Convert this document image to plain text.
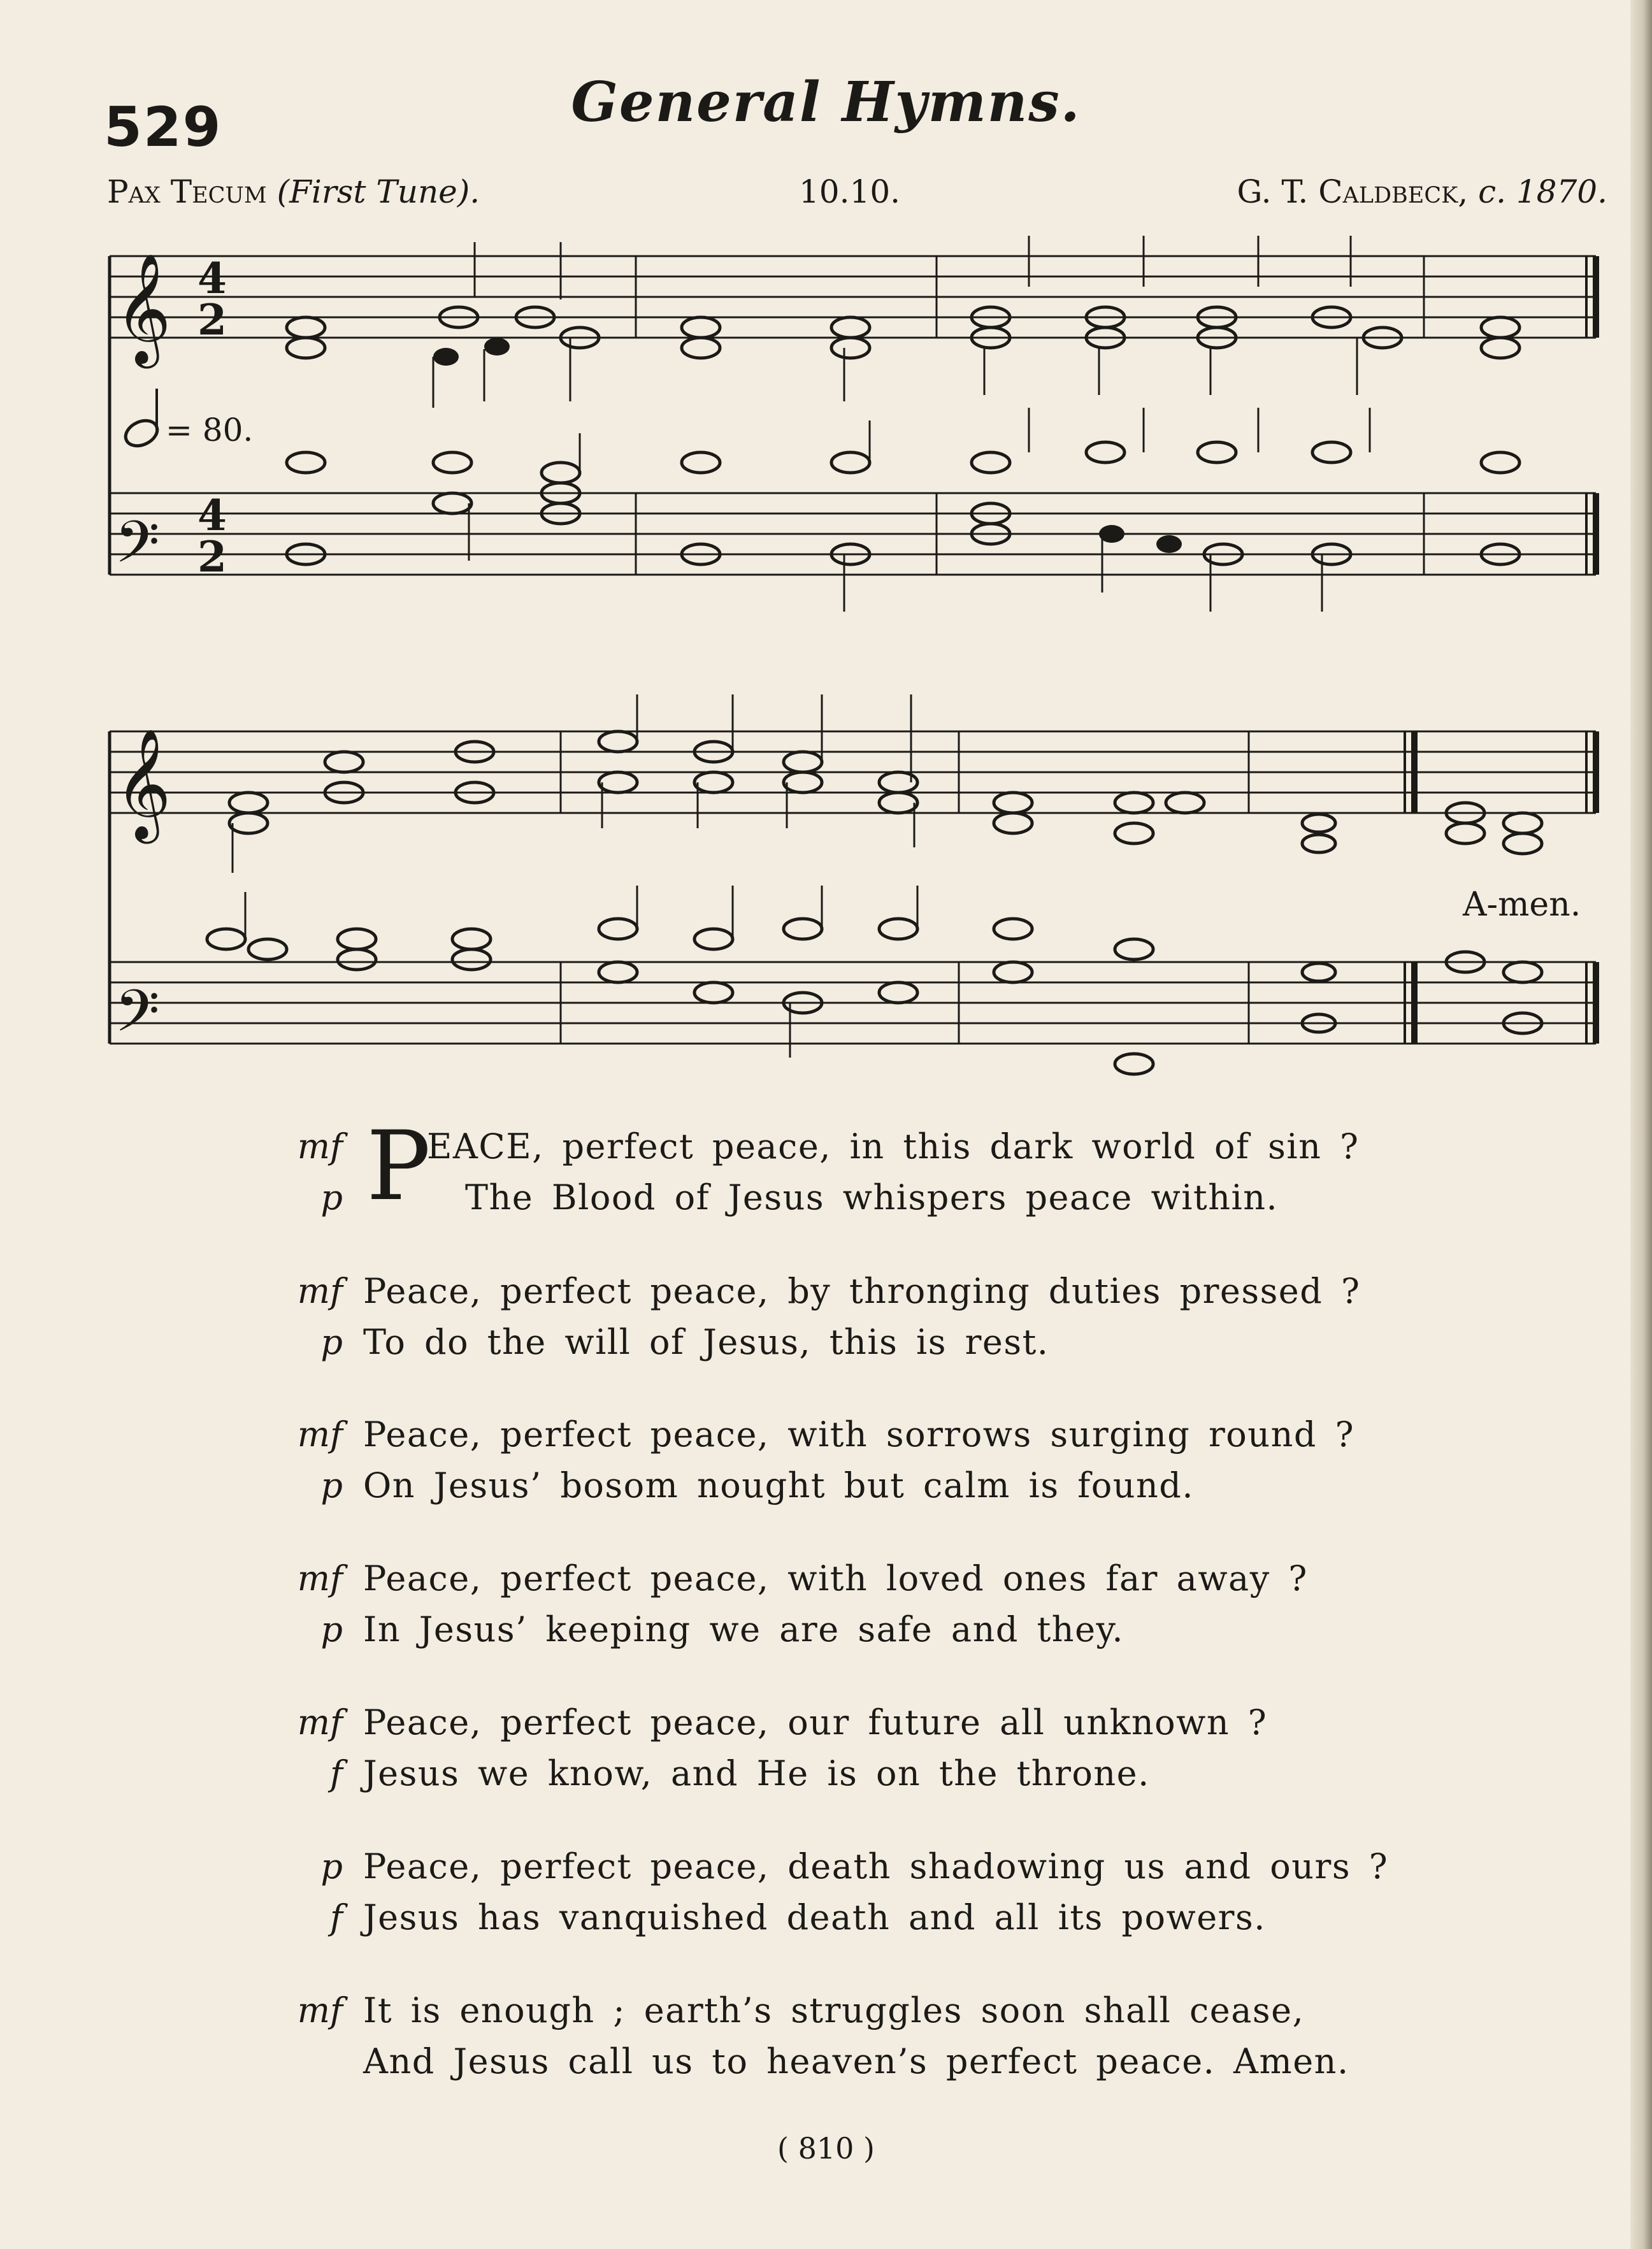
529	General Hymns.
Pax Tecum (First Tune).	10.10.	G. T. Caldbeck, c. 1870.
𝄞
𝄢
4
2
4
2
= 80.
𝄞
𝄢
A-men.
P
mf EACE, perfect peace, in this dark world of sin ?
p	The Blood of Jesus whispers peace within.
mf Peace, perfect peace, by thronging duties pressed ?
p To do the will of Jesus, this is rest.
mf Peace, perfect peace, with sorrows surging round ?
p On Jesus’ bosom nought but calm is found.
mf Peace, perfect peace, with loved ones far away ?
p In Jesus’ keeping we are safe and they.
mf Peace, perfect peace, our future all unknown ?
f Jesus we know, and He is on the throne.
p Peace, perfect peace, death shadowing us and ours ?
f Jesus has vanquished death and all its powers.
mf It is enough ; earth’s struggles soon shall cease,
And Jesus call us to heaven’s perfect peace. Amen.
( 810 )
